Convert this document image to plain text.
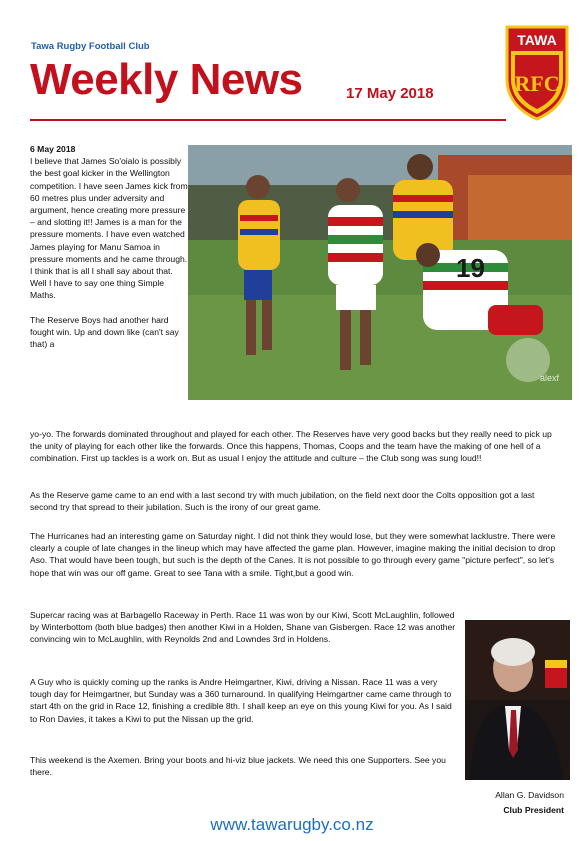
Tawa Rugby Football Club
Weekly News	17 May 2018
TAWA
RFC

6 May 2018

I believe that James So'oialo is possibly the best goal kicker in the Wellington competition. I have seen James kick from 60 metres plus under adversity and argument, hence creating more pressure – and slotting it!! James is a man for the pressure moments. I have even watched James playing for Manu Samoa in pressure moments and he came through. I think that is all I shall say about that. Well I have to say one thing Simple Maths.

The Reserve Boys had another hard fought win. Up and down like (can't say that) a

19
alexf
yo-yo. The forwards dominated throughout and played for each other. The Reserves have very good backs but they really need to pick up the unity of playing for each other like the forwards. Once this happens, Thomas, Coops and the team have the making of one hell of a combination. First up tackles is a work on. But as usual I enjoy the attitude and culture – the Club song was sung loud!!
As the Reserve game came to an end with a last second try with much jubilation, on the field next door the Colts opposition got a last second try that spread to their jubilation. Such is the irony of our great game.
The Hurricanes had an interesting game on Saturday night. I did not think they would lose, but they were somewhat lacklustre. There were clearly a couple of late changes in the lineup which may have affected the game plan. However, imagine making the initial decision to drop Aso. That would have been tough, but such is the depth of the Canes. It is not possible to go through every game "picture perfect", so let's hope that win was our off game. Great to see Tana with a smile. Tight,but a good win.
Supercar racing was at Barbagello Raceway in Perth. Race 11 was won by our Kiwi, Scott McLaughlin, followed by Winterbottom (both blue badges) then another Kiwi in a Holden, Shane van Gisbergen. Race 12 was another convincing win to McLaughlin, with Reynolds 2nd and Lowndes 3rd in Holdens.
A Guy who is quickly coming up the ranks is Andre Heimgartner, Kiwi, driving a Nissan. Race 11 was a very tough day for Heimgartner, but Sunday was a 360 turnaround. In qualifying Heimgartner came came through to start 4th on the grid in Race 12, finishing a credible 8th. I shall keep an eye on this young Kiwi for you. As I said to Ron Davies, it takes a Kiwi to put the Nissan up the grid.
This weekend is the Axemen. Bring your boots and hi-viz blue jackets. We need this one Supporters. See you there.
Allan G. Davidson
Club President
www.tawarugby.co.nz
